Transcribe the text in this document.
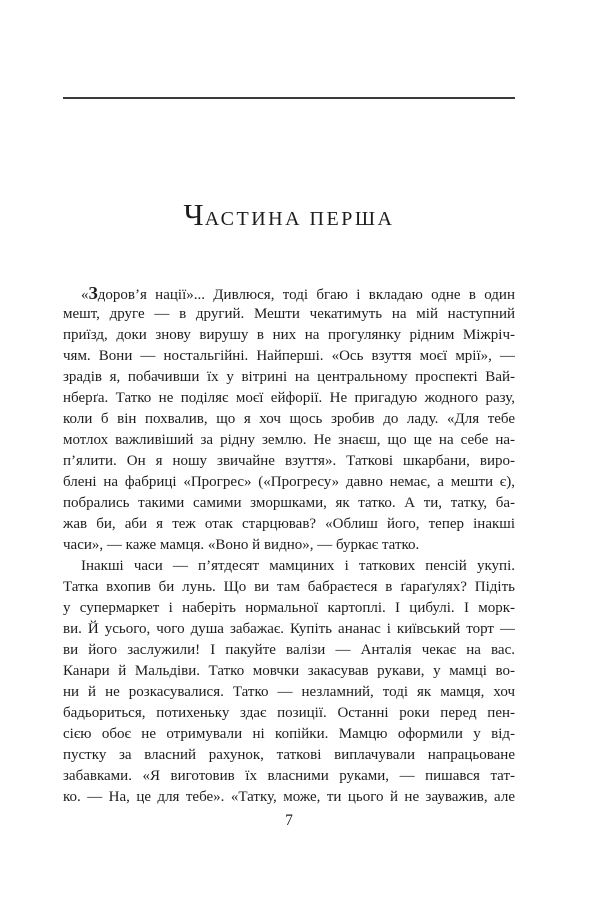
ЧАСТИНА ПЕРША
«Здоров’я нації»... Дивлюся, тоді бгаю і вкладаю одне в один
мешт, друге — в другий. Мешти чекатимуть на мій наступний
приїзд, доки знову вирушу в них на прогулянку рідним Міжріч-
чям. Вони — ностальгійні. Найперші. «Ось взуття моєї мрії», —
зрадів я, побачивши їх у вітрині на центральному проспекті Вай-
нберґа. Татко не поділяє моєї ейфорії. Не пригадую жодного разу,
коли б він похвалив, що я хоч щось зробив до ладу. «Для тебе
мотлох важливіший за рідну землю. Не знаєш, що ще на себе на-
п’ялити. Он я ношу звичайне взуття». Таткові шкарбани, виро-
блені на фабриці «Прогрес» («Прогресу» давно немає, а мешти є),
побрались такими самими зморшками, як татко. А ти, татку, ба-
жав би, аби я теж отак старцював? «Облиш його, тепер інакші
часи», — каже мамця. «Воно й видно», — буркає татко.
Інакші часи — п’ятдесят мамциних і таткових пенсій укупі.
Татка вхопив би лунь. Що ви там бабраєтеся в ґараґулях? Підіть
у супермаркет і наберіть нормальної картоплі. І цибулі. І морк-
ви. Й усього, чого душа забажає. Купіть ананас і київський торт —
ви його заслужили! І пакуйте валізи — Анталія чекає на вас.
Канари й Мальдіви. Татко мовчки закасував рукави, у мамці во-
ни й не розкасувалися. Татко — незламний, тоді як мамця, хоч
бадьориться, потихеньку здає позиції. Останні роки перед пен-
сією обоє не отримували ні копійки. Мамцю оформили у від-
пустку за власний рахунок, таткові виплачували напрацьоване
забавками. «Я виготовив їх власними руками, — пишався тат-
ко. — На, це для тебе». «Татку, може, ти цього й не зауважив, але
7
